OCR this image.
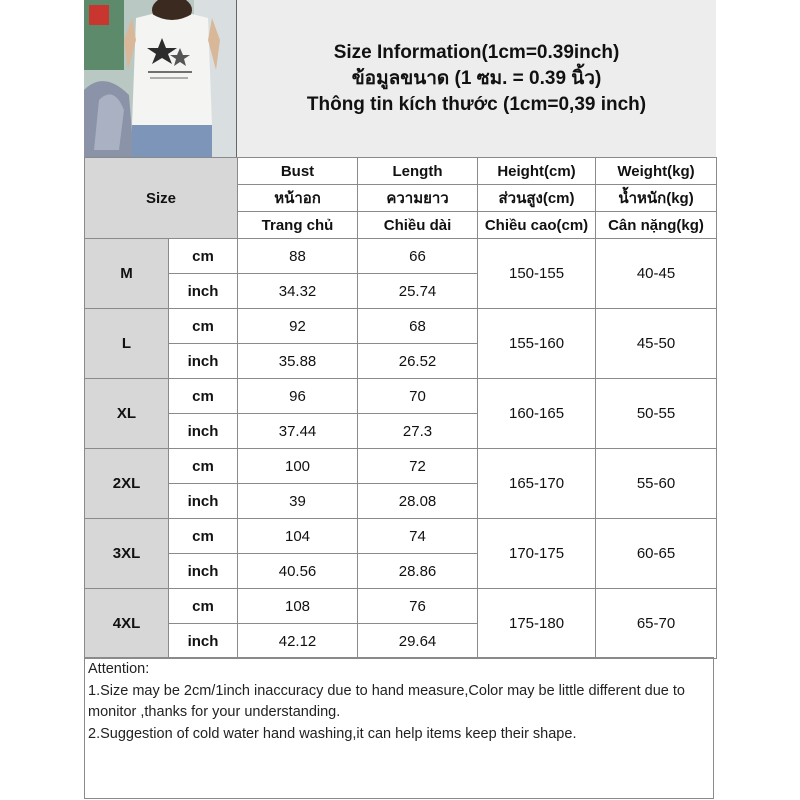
Size Information(1cm=0.39inch)
ข้อมูลขนาด (1 ซม. = 0.39 นิ้ว)
Thông tin kích thước (1cm=0,39 inch)
Size		Bust	Length	Height(cm)	Weight(kg)
		หน้าอก	ความยาว	ส่วนสูง(cm)	น้ำหนัก(kg)
		Trang chủ	Chiều dài	Chiều cao(cm)	Cân nặng(kg)
M	cm	88	66	150-155	40-45
	inch	34.32	25.74		
L	cm	92	68	155-160	45-50
	inch	35.88	26.52		
XL	cm	96	70	160-165	50-55
	inch	37.44	27.3		
2XL	cm	100	72	165-170	55-60
	inch	39	28.08		
3XL	cm	104	74	170-175	60-65
	inch	40.56	28.86		
4XL	cm	108	76	175-180	65-70
	inch	42.12	29.64		
Attention:
1.Size may be 2cm/1inch inaccuracy due to hand measure,Color may be little different due to monitor ,thanks for your understanding.
2.Suggestion of cold water hand washing,it can help items keep their shape.
